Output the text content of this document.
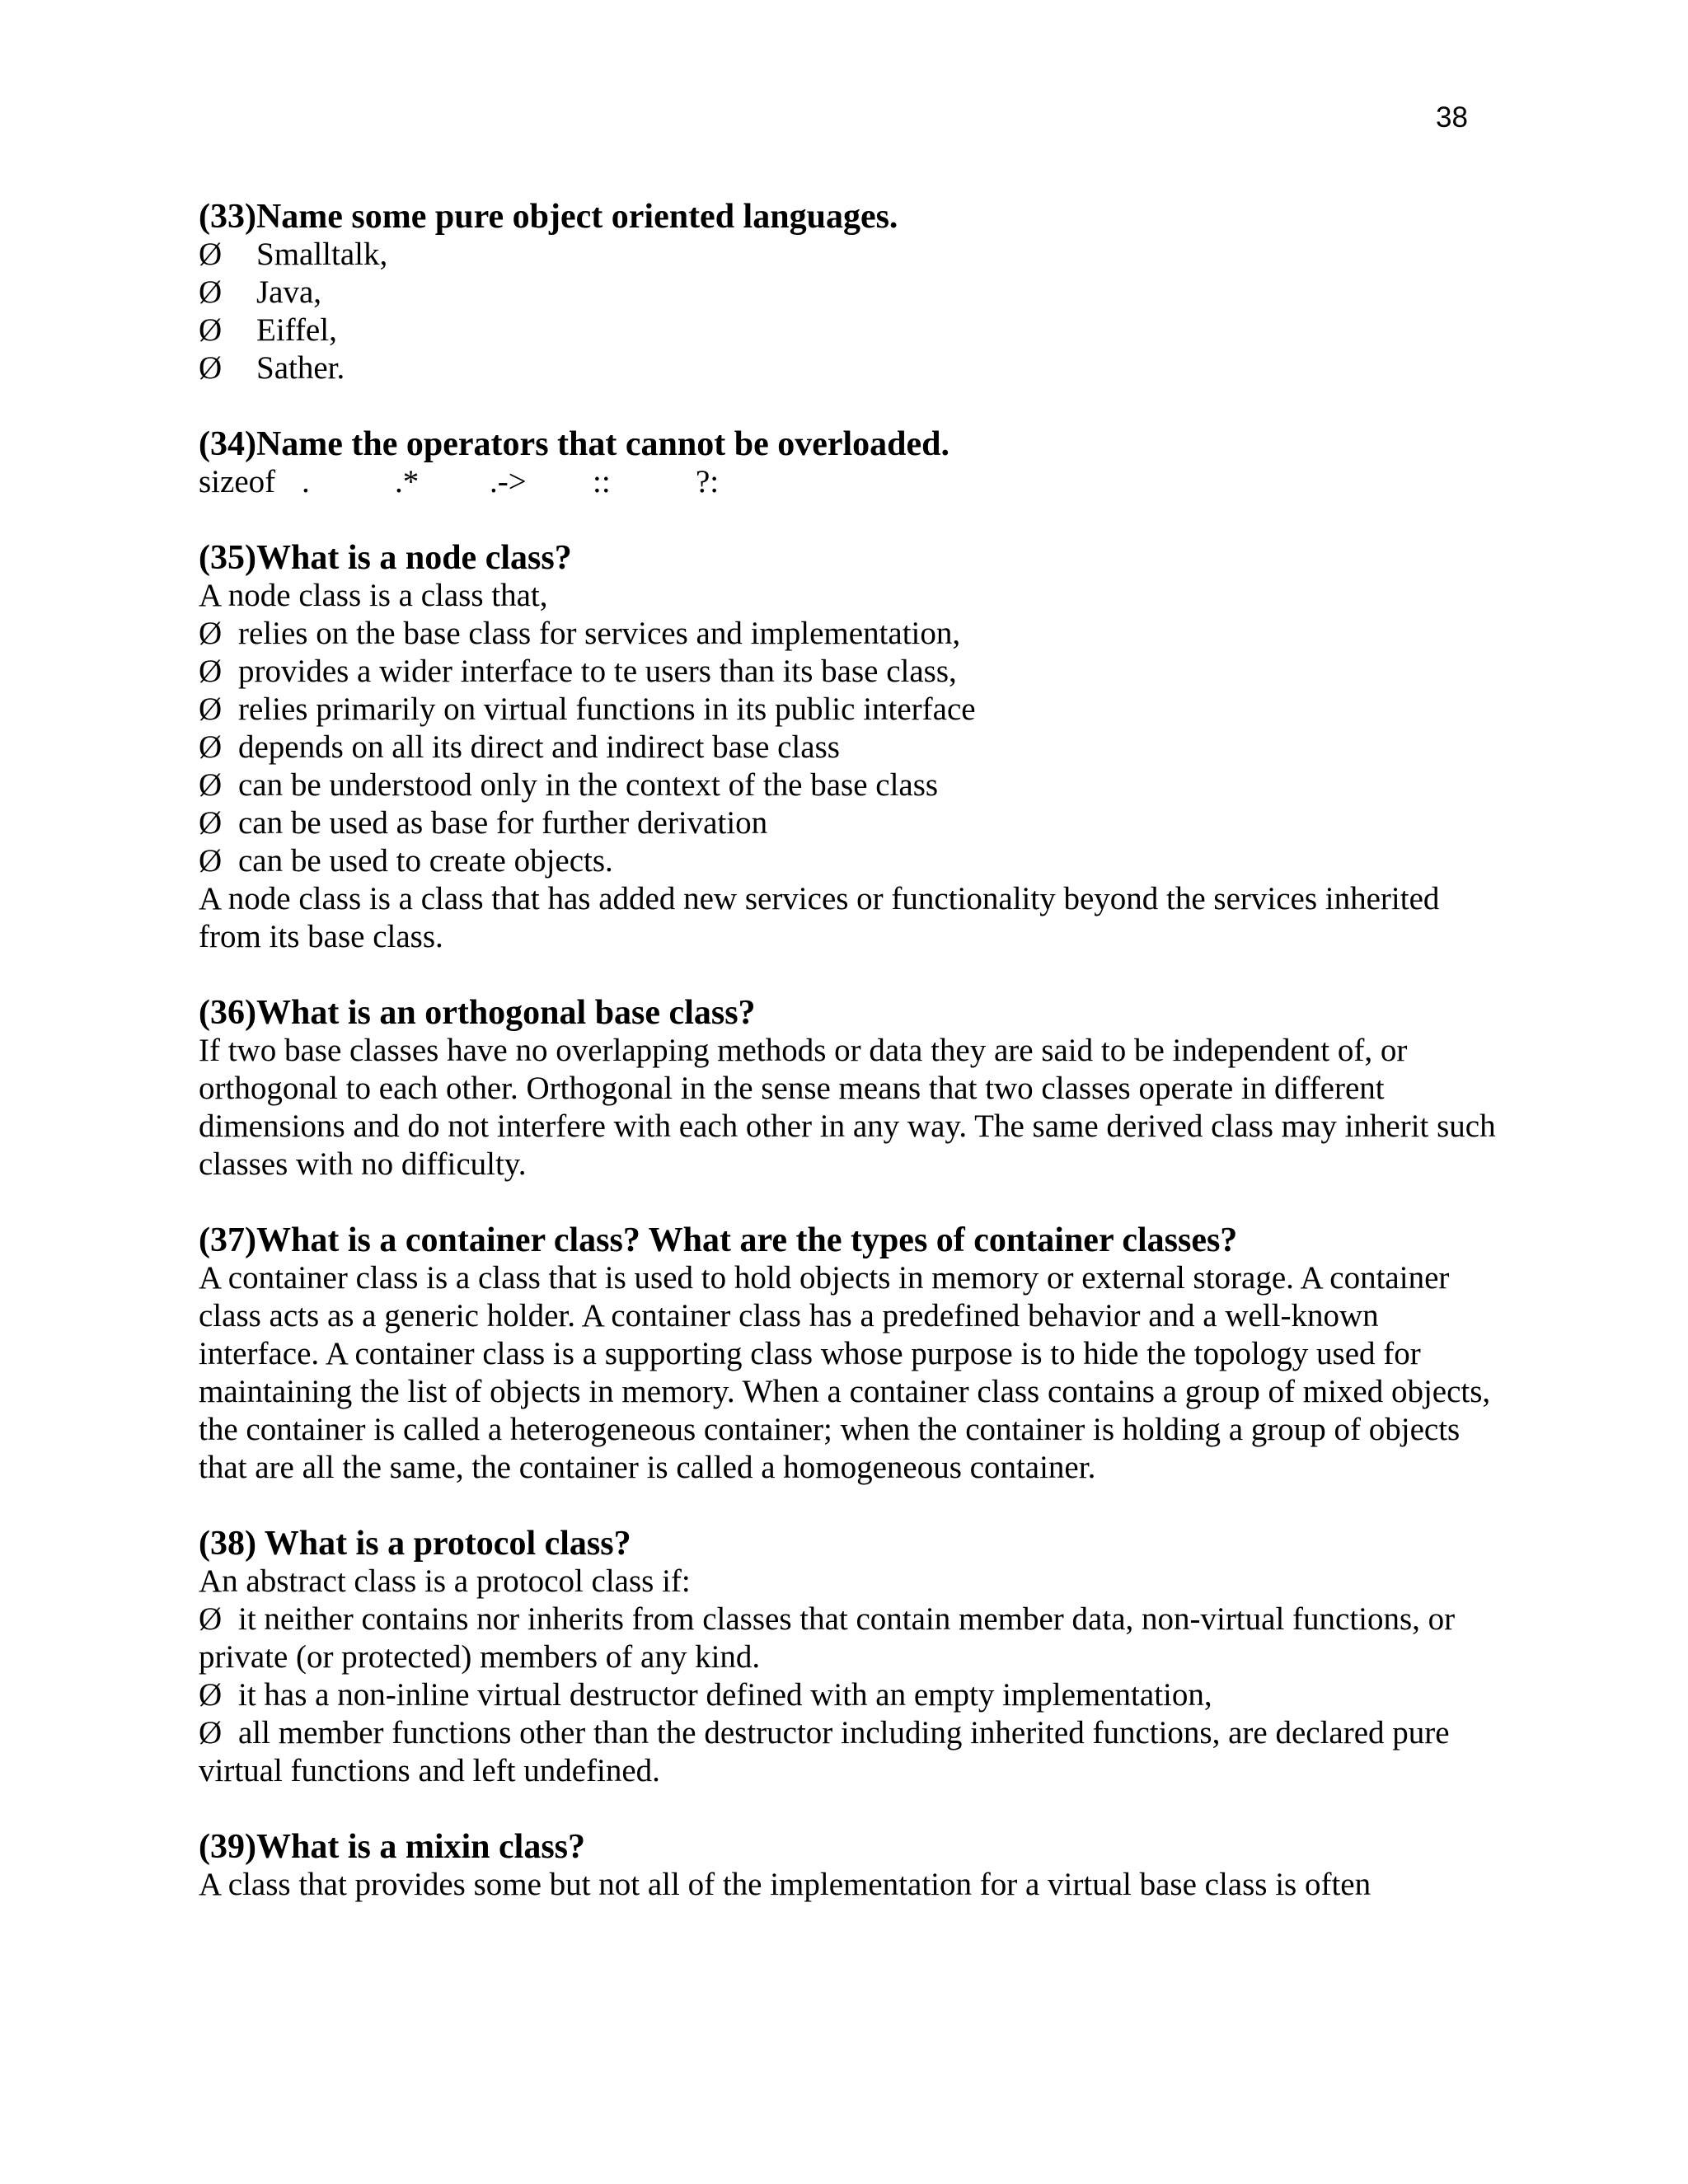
38

(33)Name some pure object oriented languages.

Ø	Smalltalk,
Ø	Java,
Ø	Eiffel,
Ø	Sather.

(34)Name the operators that cannot be overloaded.

sizeof .	.*	.->	::	?:

(35)What is a node class?

A node class is a class that,

Ø relies on the base class for services and implementation,

Ø provides a wider interface to te users than its base class,

Ø relies primarily on virtual functions in its public interface

Ø depends on all its direct and indirect base class

Ø can be understood only in the context of the base class

Ø can be used as base for further derivation

Ø can be used to create objects.

A node class is a class that has added new services or functionality beyond the services inherited from its base class.

(36)What is an orthogonal base class?

If two base classes have no overlapping methods or data they are said to be independent of, or orthogonal to each other. Orthogonal in the sense means that two classes operate in different dimensions and do not interfere with each other in any way. The same derived class may inherit such classes with no difficulty.

(37)What is a container class? What are the types of container classes?

A container class is a class that is used to hold objects in memory or external storage. A container class acts as a generic holder. A container class has a predefined behavior and a well-known interface. A container class is a supporting class whose purpose is to hide the topology used for maintaining the list of objects in memory. When a container class contains a group of mixed objects, the container is called a heterogeneous container; when the container is holding a group of objects that are all the same, the container is called a homogeneous container.

(38) What is a protocol class?

An abstract class is a protocol class if:

Ø it neither contains nor inherits from classes that contain member data, non-virtual functions, or private (or protected) members of any kind.

Ø it has a non-inline virtual destructor defined with an empty implementation,

Ø all member functions other than the destructor including inherited functions, are declared pure virtual functions and left undefined.

(39)What is a mixin class?

A class that provides some but not all of the implementation for a virtual base class is often
